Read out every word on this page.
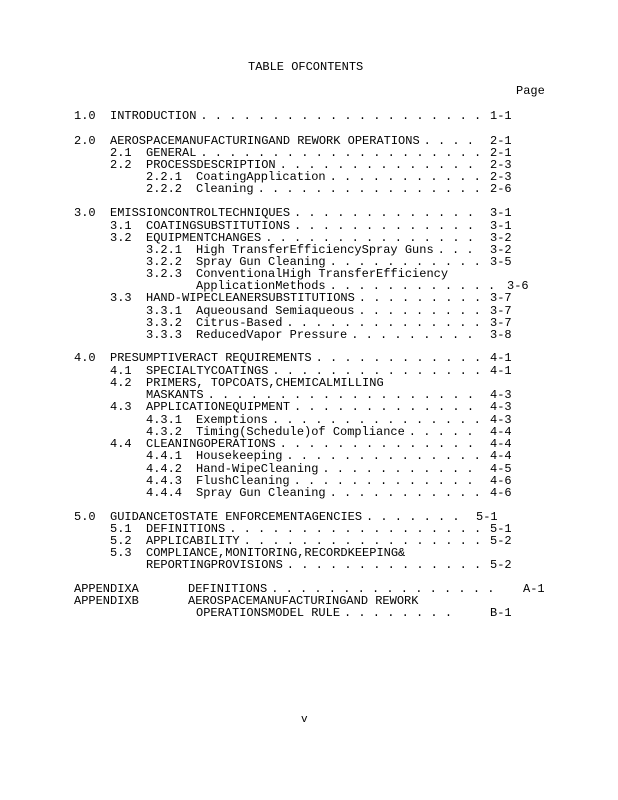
TABLE OFCONTENTS
Page
1.0 INTRODUCTION . . .	1-1
2.0 AEROSPACEMANUFACTURINGAND REWORK OPERATIONS . . .	2-1
2.1 GENERAL . . .	2-1
2.2 PROCESSDESCRIPTION . . .	2-3
2.2.1 CoatingApplication . . .	2-3
2.2.2 Cleaning . . .	2-6
3.0 EMISSIONCONTROLTECHNIQUES . . .	3-1
3.1 COATINGSUBSTITUTIONS . . .	3-1
3.2 EQUIPMENTCHANGES . . .	3-2
3.2.1 High TransferEfficiencySpray Guns . . .	3-2
3.2.2 Spray Gun Cleaning . . .	3-5
3.2.3 ConventionalHigh TransferEfficiency
ApplicationMethods . . .	3-6
3.3 HAND-WIPECLEANERSUBSTITUTIONS . . .	3-7
3.3.1 Aqueousand Semiaqueous . . .	3-7
3.3.2 Citrus-Based . . .	3-7
3.3.3 ReducedVapor Pressure . . .	3-8
4.0 PRESUMPTIVERACT REQUIREMENTS . . .	4-1
4.1 SPECIALTYCOATINGS . . .	4-1
4.2 PRIMERS, TOPCOATS,CHEMICALMILLING
MASKANTS . . .	4-3
4.3 APPLICATIONEQUIPMENT . . .	4-3
4.3.1 Exemptions . . .	4-3
4.3.2 Timing(Schedule)of Compliance . . .	4-4
4.4 CLEANINGOPERATIONS . . .	4-4
4.4.1 Housekeeping . . .	4-4
4.4.2 Hand-WipeCleaning . . .	4-5
4.4.3 FlushCleaning . . .	4-6
4.4.4 Spray Gun Cleaning . . .	4-6
5.0 GUIDANCETOSTATE ENFORCEMENTAGENCIES . . .	5-1
5.1 DEFINITIONS . . .	5-1
5.2 APPLICABILITY . . .	5-2
5.3 COMPLIANCE,MONITORING,RECORDKEEPING&
REPORTINGPROVISIONS . . .	5-2
APPENDIXA	DEFINITIONS . . .	A-1
APPENDIXB	AEROSPACEMANUFACTURINGAND REWORK
OPERATIONSMODEL RULE . . .	B-1
v
